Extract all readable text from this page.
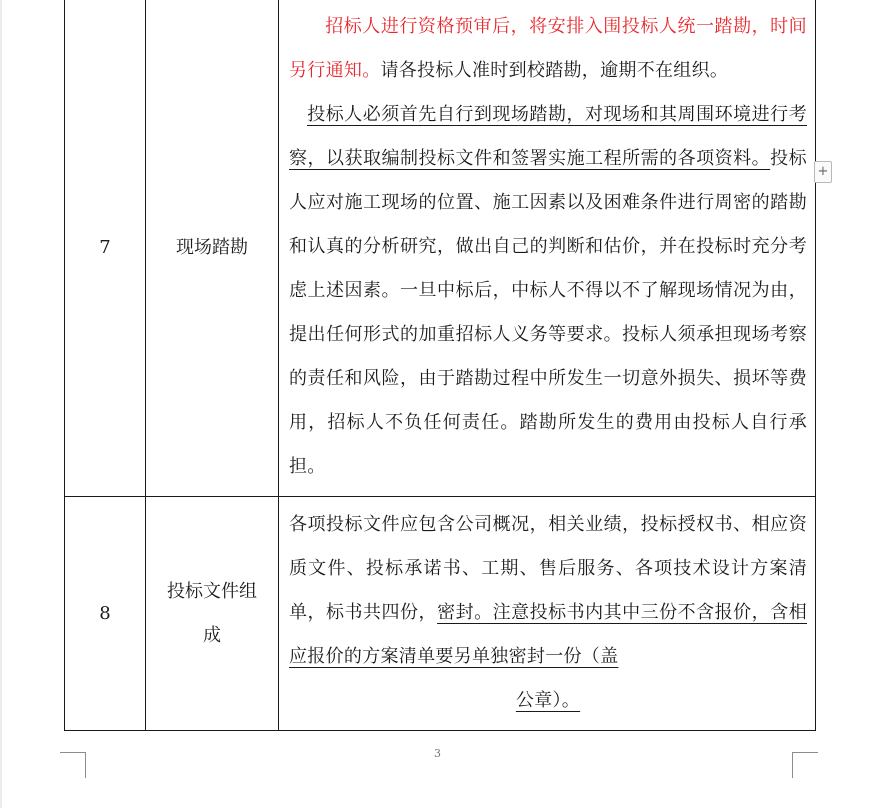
7	现场踏勘	招标人进行资格预审后，将安排入围投标人统一踏勘，时间另行通知。请各投标人准时到校踏勘，逾期不在组织。
投标人必须首先自行到现场踏勘，对现场和其周围环境进行考察，以获取编制投标文件和签署实施工程所需的各项资料。投标人应对施工现场的位置、施工因素以及困难条件进行周密的踏勘和认真的分析研究，做出自己的判断和估价，并在投标时充分考虑上述因素。一旦中标后，中标人不得以不了解现场情况为由，提出任何形式的加重招标人义务等要求。投标人须承担现场考察的责任和风险，由于踏勘过程中所发生一切意外损失、损坏等费用，招标人不负任何责任。踏勘所发生的费用由投标人自行承担。

8	投标文件组成	各项投标文件应包含公司概况，相关业绩，投标授权书、相应资质文件、投标承诺书、工期、售后服务、各项技术设计方案清单，标书共四份，密封。注意投标书内其中三份不含报价，含相应报价的方案清单要另单独密封一份（盖
公章）。
+
3
